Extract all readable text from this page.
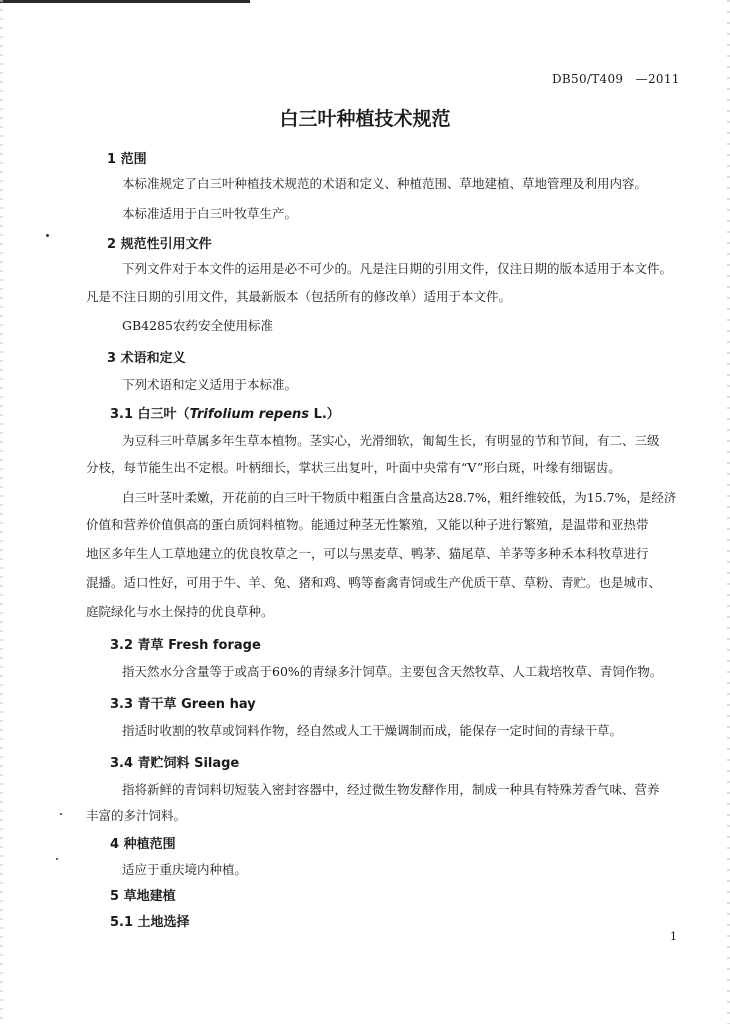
DB50/T409　—2011
白三叶种植技术规范
1 范围
本标准规定了白三叶种植技术规范的术语和定义、种植范围、草地建植、草地管理及利用内容。
本标准适用于白三叶牧草生产。
2 规范性引用文件
下列文件对于本文件的运用是必不可少的。凡是注日期的引用文件，仅注日期的版本适用于本文件。
凡是不注日期的引用文件，其最新版本（包括所有的修改单）适用于本文件。
GB4285农药安全使用标准
3 术语和定义
下列术语和定义适用于本标准。
3.1 白三叶（Trifolium repens L.）
为豆科三叶草属多年生草本植物。茎实心，光滑细软，匍匐生长，有明显的节和节间，有二、三级
分枝，每节能生出不定根。叶柄细长，掌状三出复叶，叶面中央常有“V”形白斑，叶缘有细锯齿。
白三叶茎叶柔嫩，开花前的白三叶干物质中粗蛋白含量高达28.7%，粗纤维较低，为15.7%，是经济
价值和营养价值俱高的蛋白质饲料植物。能通过种茎无性繁殖，又能以种子进行繁殖，是温带和亚热带
地区多年生人工草地建立的优良牧草之一，可以与黑麦草、鸭茅、猫尾草、羊茅等多种禾本科牧草进行
混播。适口性好，可用于牛、羊、兔、猪和鸡、鸭等畜禽青饲或生产优质干草、草粉、青贮。也是城市、
庭院绿化与水土保持的优良草种。
3.2 青草 Fresh forage
指天然水分含量等于或高于60%的青绿多汁饲草。主要包含天然牧草、人工栽培牧草、青饲作物。
3.3 青干草 Green hay
指适时收割的牧草或饲料作物，经自然或人工干燥调制而成，能保存一定时间的青绿干草。
3.4 青贮饲料 Silage
指将新鲜的青饲料切短装入密封容器中，经过微生物发酵作用，制成一种具有特殊芳香气味、营养
丰富的多汁饲料。
4 种植范围
适应于重庆境内种植。
5 草地建植
5.1 土地选择
1
